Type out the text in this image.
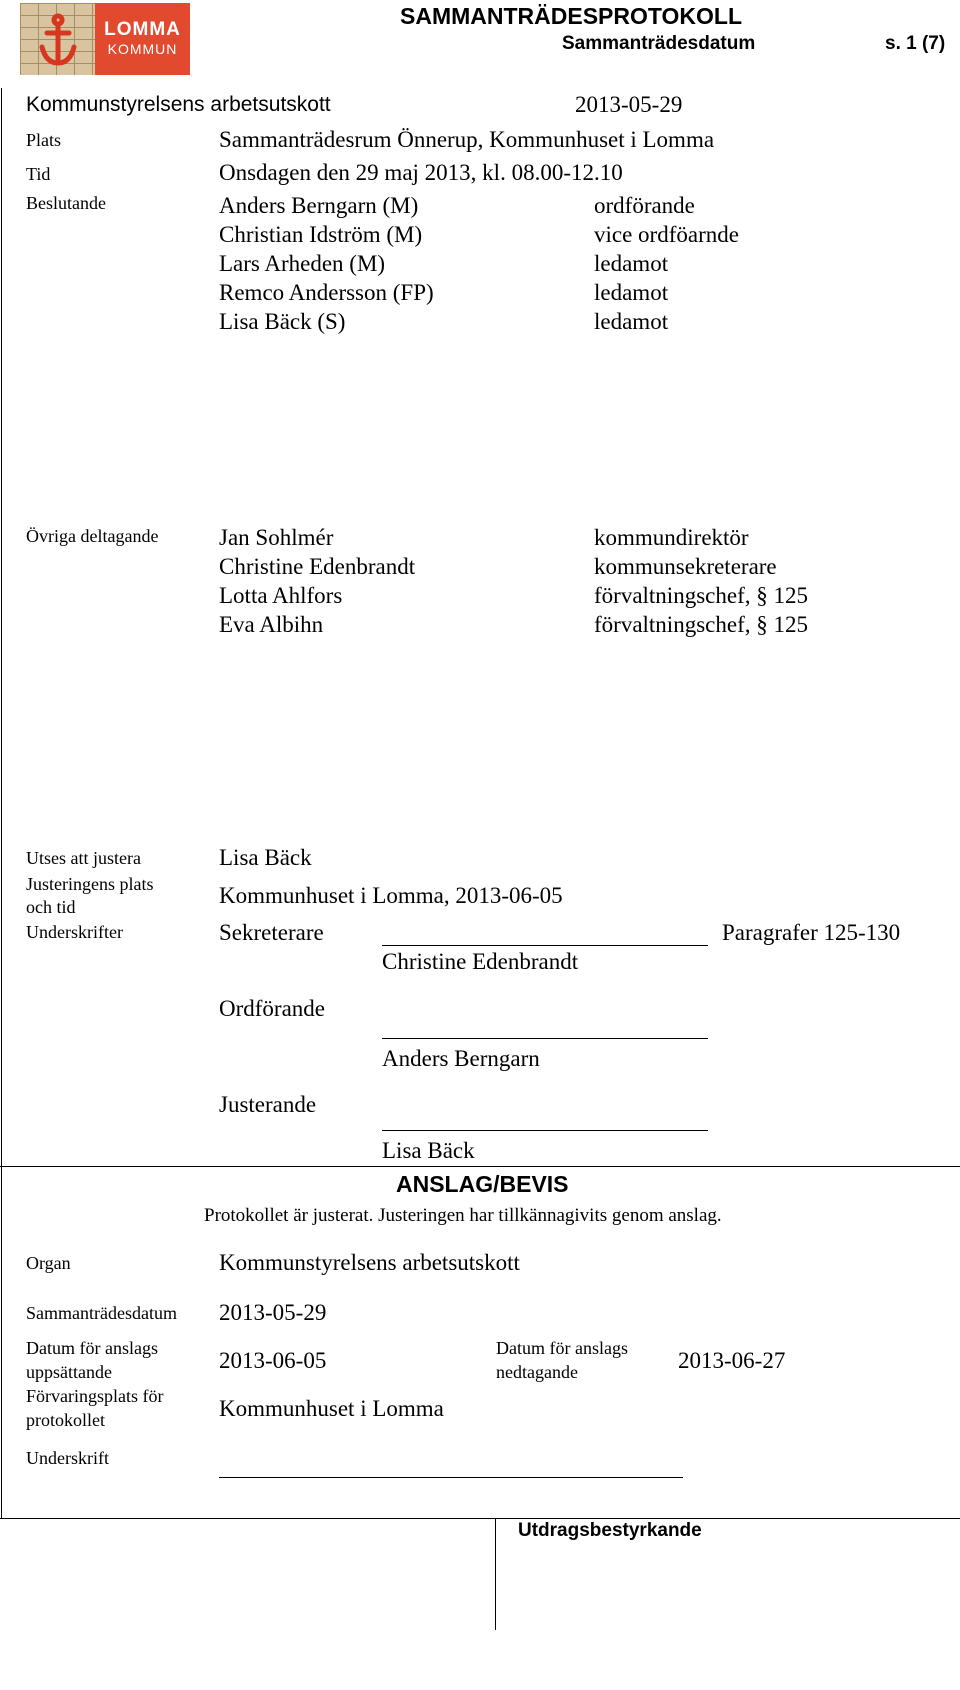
LOMMA
KOMMUN
SAMMANTRÄDESPROTOKOLL
Sammanträdesdatum	s. 1 (7)
Kommunstyrelsens arbetsutskott	2013-05-29
Plats	Sammanträdesrum Önnerup, Kommunhuset i Lomma
Tid	Onsdagen den 29 maj 2013, kl. 08.00-12.10
Beslutande	Anders Berngarn (M)	ordförande
Christian Idström (M)	vice ordföarnde
Lars Arheden (M)	ledamot
Remco Andersson (FP)	ledamot
Lisa Bäck (S)	ledamot
Övriga deltagande	Jan Sohlmér	kommundirektör
Christine Edenbrandt	kommunsekreterare
Lotta Ahlfors	förvaltningschef, § 125
Eva Albihn	förvaltningschef, § 125
Utses att justera	Lisa Bäck
Justeringens plats
och tid	Kommunhuset i Lomma, 2013-06-05
Underskrifter	Sekreterare	Paragrafer 125-130
Christine Edenbrandt
Ordförande
Anders Berngarn
Justerande
Lisa Bäck
ANSLAG/BEVIS
Protokollet är justerat. Justeringen har tillkännagivits genom anslag.
Organ	Kommunstyrelsens arbetsutskott
Sammanträdesdatum 2013-05-29
Datum för anslags
uppsättande	2013-06-05	Datum för anslags
nedtagande	2013-06-27
Förvaringsplats för
protokollet	Kommunhuset i Lomma
Underskrift
Utdragsbestyrkande
